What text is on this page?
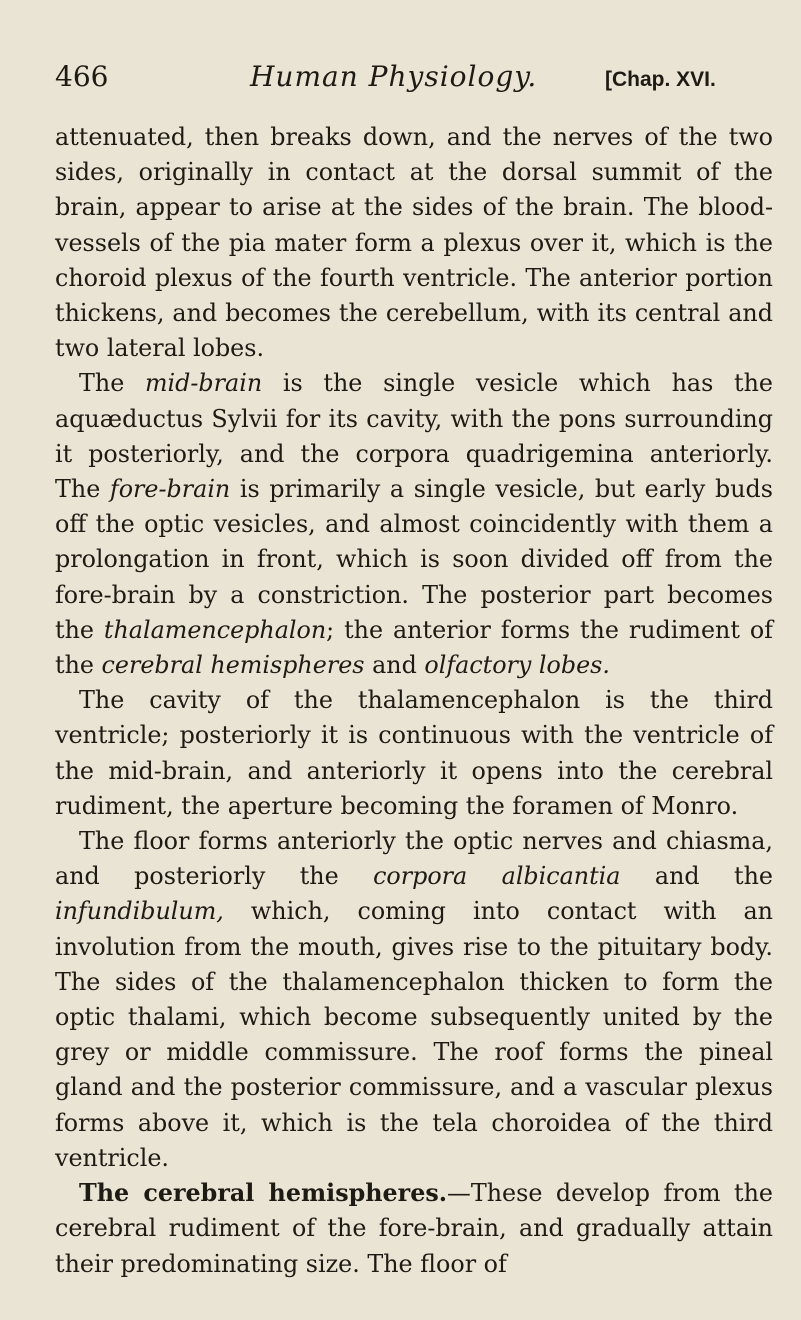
466	Human Physiology.	[Chap. XVI.

attenuated, then breaks down, and the nerves of the two sides, originally in contact at the dorsal summit of the brain, appear to arise at the sides of the brain. The blood-vessels of the pia mater form a plexus over it, which is the choroid plexus of the fourth ventricle. The anterior portion thickens, and becomes the cerebellum, with its central and two lateral lobes.

The mid-brain is the single vesicle which has the aquæductus Sylvii for its cavity, with the pons surrounding it posteriorly, and the corpora quadrigemina anteriorly. The fore-brain is primarily a single vesicle, but early buds off the optic vesicles, and almost coincidently with them a prolongation in front, which is soon divided off from the fore-brain by a constriction. The posterior part becomes the thalamencephalon; the anterior forms the rudiment of the cerebral hemispheres and olfactory lobes.

The cavity of the thalamencephalon is the third ventricle; posteriorly it is continuous with the ventricle of the mid-brain, and anteriorly it opens into the cerebral rudiment, the aperture becoming the foramen of Monro.

The floor forms anteriorly the optic nerves and chiasma, and posteriorly the corpora albicantia and the infundibulum, which, coming into contact with an involution from the mouth, gives rise to the pituitary body. The sides of the thalamencephalon thicken to form the optic thalami, which become subsequently united by the grey or middle commissure. The roof forms the pineal gland and the posterior commissure, and a vascular plexus forms above it, which is the tela choroidea of the third ventricle.

The cerebral hemispheres.—These develop from the cerebral rudiment of the fore-brain, and gradually attain their predominating size. The floor of
